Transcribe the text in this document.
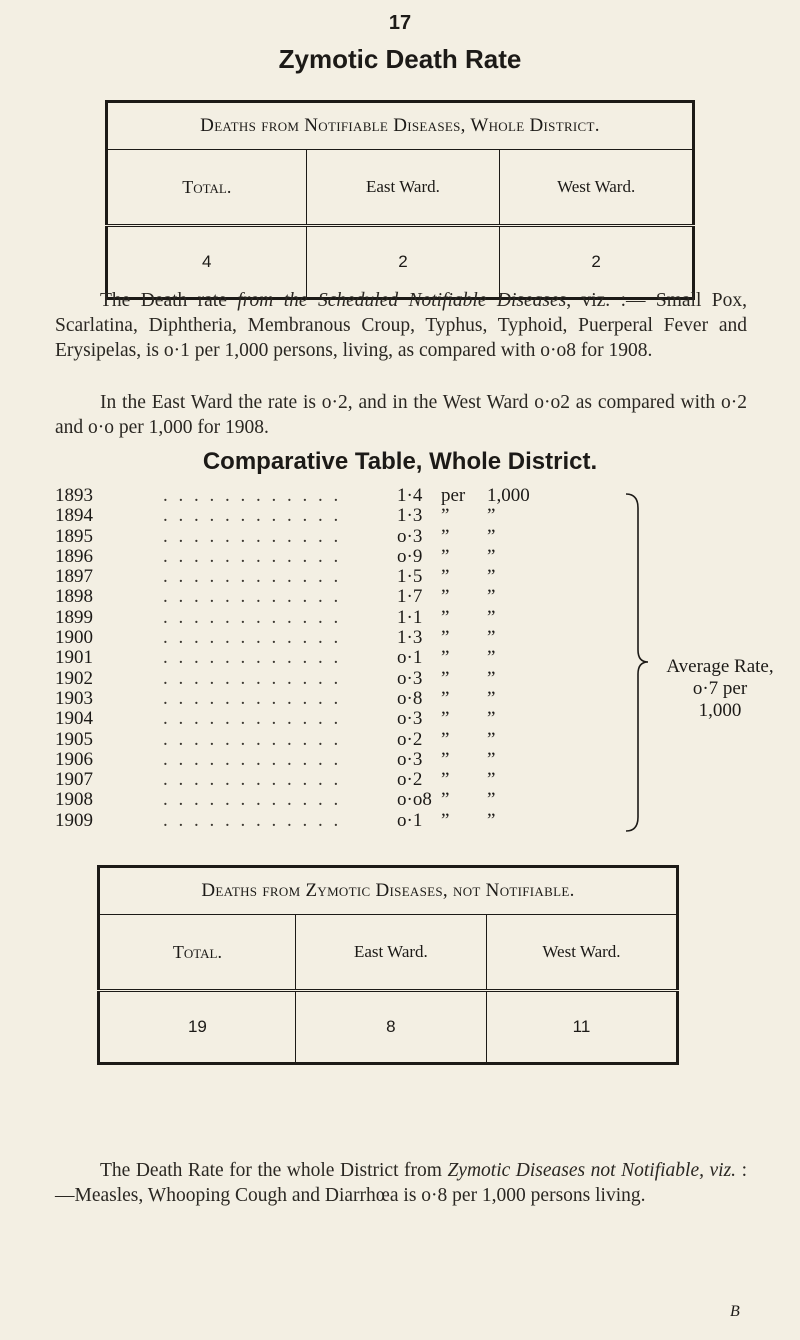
17
Zymotic Death Rate
Deaths from Notifiable Diseases, Whole District.		
Total.	East Ward.	West Ward.
4	2	2
The Death rate from the Scheduled Notifiable Diseases, viz. :— Small Pox, Scarlatina, Diphtheria, Membranous Croup, Typhus, Typhoid, Puerperal Fever and Erysipelas, is o·1 per 1,000 persons, living, as compared with o·o8 for 1908.
In the East Ward the rate is o·2, and in the West Ward o·o2 as compared with o·2 and o·o per 1,000 for 1908.
Comparative Table, Whole District.
1893	. . . . . . . . . . . .	1·4 per 1,000
1894	. . . . . . . . . . . .	1·3 ” ”
1895	. . . . . . . . . . . .	o·3 ” ”
1896	. . . . . . . . . . . .	o·9 ” ”
1897	. . . . . . . . . . . .	1·5 ” ”
1898	. . . . . . . . . . . .	1·7 ” ”
1899	. . . . . . . . . . . .	1·1 ” ”
1900	. . . . . . . . . . . .	1·3 ” ”
1901	. . . . . . . . . . . .	o·1 ” ”
1902	. . . . . . . . . . . .	o·3 ” ”
1903	. . . . . . . . . . . .	o·8 ” ”
1904	. . . . . . . . . . . .	o·3 ” ”
1905	. . . . . . . . . . . .	o·2 ” ”
1906	. . . . . . . . . . . .	o·3 ” ”
1907	. . . . . . . . . . . .	o·2 ” ”
1908	. . . . . . . . . . . .	o·o8 ” ”
1909	. . . . . . . . . . . .	o·1 ” ”
Average Rate,
o·7 per
1,000
Deaths from Zymotic Diseases, not Notifiable.		
Total.	East Ward.	West Ward.
19	8	11
The Death Rate for the whole District from Zymotic Diseases not Notifiable, viz. :—Measles, Whooping Cough and Diarrhœa is o·8 per 1,000 persons living.
B
